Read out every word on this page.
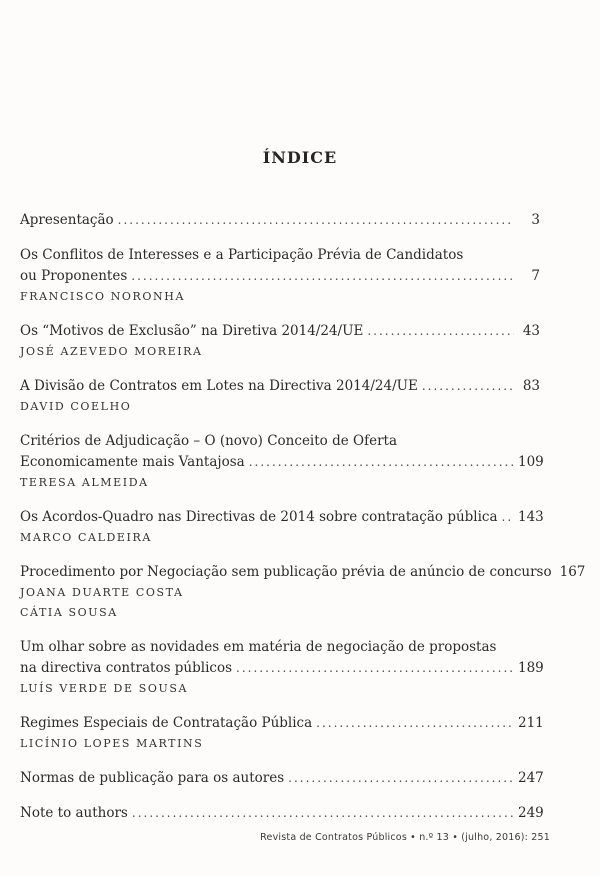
ÍNDICE
Apresentação .....	3
Os Conflitos de Interesses e a Participação Prévia de Candidatos
ou Proponentes .....	7
FRANCISCO NORONHA
Os “Motivos de Exclusão” na Diretiva 2014/24/UE .....	43
JOSÉ AZEVEDO MOREIRA
A Divisão de Contratos em Lotes na Directiva 2014/24/UE .....	83
DAVID COELHO
Critérios de Adjudicação – O (novo) Conceito de Oferta
Economicamente mais Vantajosa .....	109
TERESA ALMEIDA
Os Acordos-Quadro nas Directivas de 2014 sobre contratação pública ..... 143
MARCO CALDEIRA
Procedimento por Negociação sem publicação prévia de anúncio de concurso 167
JOANA DUARTE COSTA
CÁTIA SOUSA
Um olhar sobre as novidades em matéria de negociação de propostas
na directiva contratos públicos .....	189
LUÍS VERDE DE SOUSA
Regimes Especiais de Contratação Pública .....	211
LICÍNIO LOPES MARTINS
Normas de publicação para os autores .....	247
Note to authors .....	249
Revista de Contratos Públicos • n.º 13 • (julho, 2016): 251
